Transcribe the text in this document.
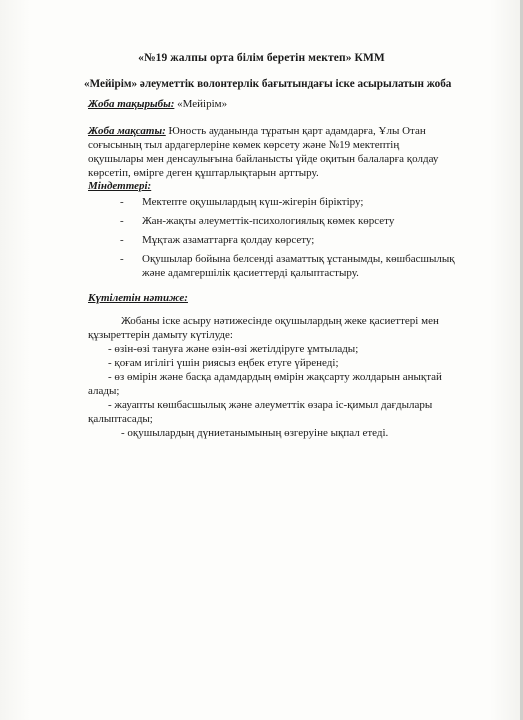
«№19 жалпы орта білім беретін мектеп» КММ
«Мейірім» әлеуметтік волонтерлік бағытындағы іске асырылатын жоба
Жоба тақырыбы: «Мейірім»
Жоба мақсаты: Юность ауданында тұратын қарт адамдарға, Ұлы Отан
соғысының тыл ардагерлеріне көмек көрсету және №19 мектептің
оқушылары мен денсаулығына байланысты үйде оқитын балаларға қолдау
көрсетіп, өмірге деген құштарлықтарын арттыру.
Міндеттері:
- Мектепте оқушылардың күш-жігерін біріктіру;
- Жан-жақты әлеуметтік-психологиялық көмек көрсету
- Мұқтаж азаматтарға қолдау көрсету;
- Оқушылар бойына белсенді азаматтық ұстанымды, көшбасшылық
және адамгершілік қасиеттерді қалыптастыру.
Күтілетін нәтиже:
Жобаны іске асыру нәтижесінде оқушылардың жеке қасиеттері мен
құзыреттерін дамыту күтілуде:
- өзін-өзі тануға және өзін-өзі жетілдіруге ұмтылады;
- қоғам игілігі үшін риясыз еңбек етуге үйренеді;
- өз өмірін және басқа адамдардың өмірін жақсарту жолдарын анықтай
алады;
- жауапты көшбасшылық және әлеуметтік өзара іс-қимыл дағдылары
қалыптасады;
- оқушылардың дүниетанымының өзгеруіне ықпал етеді.
